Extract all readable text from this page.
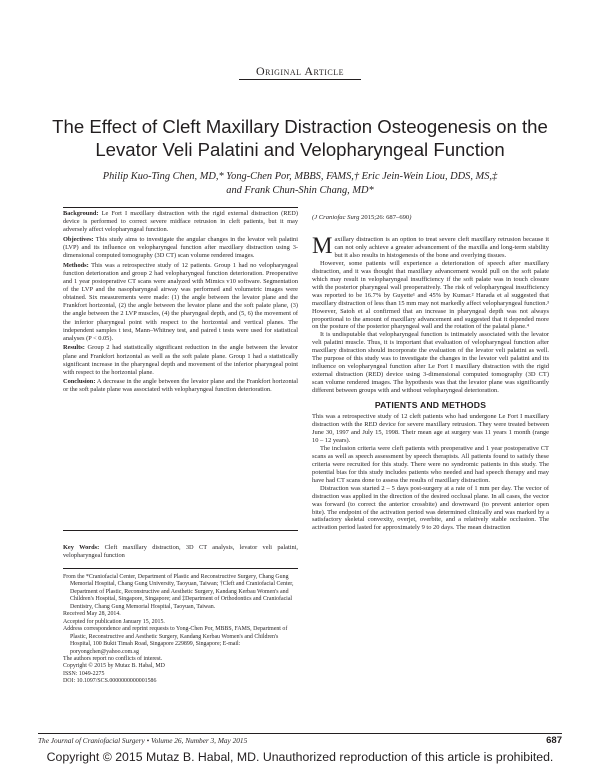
Original Article
The Effect of Cleft Maxillary Distraction Osteogenesis on the Levator Veli Palatini and Velopharyngeal Function
Philip Kuo-Ting Chen, MD,* Yong-Chen Por, MBBS, FAMS,† Eric Jein-Wein Liou, DDS, MS,‡
and Frank Chun-Shin Chang, MD*

Background: Le Fort I maxillary distraction with the rigid external distraction (RED) device is performed to correct severe midface retrusion in cleft patients, but it may adversely affect velopharyngeal function.

Objectives: This study aims to investigate the angular changes in the levator veli palatini (LVP) and its influence on velopharyngeal function after maxillary distraction using 3-dimensional computed tomography (3D CT) scan volume rendered images.

Methods: This was a retrospective study of 12 patients. Group 1 had no velopharyngeal function deterioration and group 2 had velopharyngeal function deterioration. Preoperative and 1 year postoperative CT scans were analyzed with Mimics v10 software. Segmentation of the LVP and the nasopharyngeal airway was performed and volumetric images were obtained. Six measurements were made: (1) the angle between the levator plane and the Frankfort horizontal, (2) the angle between the levator plane and the soft palate plane, (3) the angle between the 2 LVP muscles, (4) the pharyngeal depth, and (5, 6) the movement of the inferior pharyngeal point with respect to the horizontal and vertical planes. The independent samples t test, Mann–Whitney test, and paired t tests were used for statistical analyses (P < 0.05).

Results: Group 2 had statistically significant reduction in the angle between the levator plane and Frankfort horizontal as well as the soft palate plane. Group 1 had a statistically significant increase in the pharyngeal depth and movement of the inferior pharyngeal point with respect to the horizontal plane.

Conclusion: A decrease in the angle between the levator plane and the Frankfort horizontal or the soft palate plane was associated with velopharyngeal function deterioration.

Key Words: Cleft maxillary distraction, 3D CT analysis, levator veli palatini, velopharyngeal function

From the *Craniofacial Center, Department of Plastic and Reconstructive Surgery, Chang Gung Memorial Hospital, Chang Gung University, Taoyuan, Taiwan; †Cleft and Craniofacial Center, Department of Plastic, Reconstructive and Aesthetic Surgery, Kandang Kerbau Women's and Children's Hospital, Singapore, Singapore; and ‡Department of Orthodontics and Craniofacial Dentistry, Chang Gung Memorial Hospital, Taoyuan, Taiwan.

Received May 28, 2014.

Accepted for publication January 15, 2015.

Address correspondence and reprint requests to Yong-Chen Por, MBBS, FAMS, Department of Plastic, Reconstructive and Aesthetic Surgery, Kandang Kerbau Women's and Children's Hospital, 100 Bukit Timah Road, Singapore 229899, Singapore; E-mail: poryongchen@yahoo.com.sg

The authors report no conflicts of interest.

Copyright © 2015 by Mutaz B. Habal, MD

ISSN: 1049-2275

DOI: 10.1097/SCS.0000000000001586

(J Craniofac Surg 2015;26: 687–690)

Maxillary distraction is an option to treat severe cleft maxillary retrusion because it can not only achieve a greater advancement of the maxilla and long-term stability but it also results in histogenesis of the bone and overlying tissues.

However, some patients will experience a deterioration of speech after maxillary distraction, and it was thought that maxillary advancement would pull on the soft palate which may result in velopharyngeal insufficiency if the soft palate was in touch closure with the posterior pharyngeal wall preoperatively. The risk of velopharyngeal insufficiency was reported to be 16.7% by Guyette¹ and 45% by Kumar.² Harada et al suggested that maxillary distraction of less than 15 mm may not markedly affect velopharyngeal function.³ However, Satoh et al confirmed that an increase in pharyngeal depth was not always proportional to the amount of maxillary advancement and suggested that it depended more on the posture of the posterior pharyngeal wall and the rotation of the palatal plane.⁴

It is undisputable that velopharyngeal function is intimately associated with the levator veli palatini muscle. Thus, it is important that evaluation of velopharyngeal function after maxillary distraction should incorporate the evaluation of the levator veli palatini as well. The purpose of this study was to investigate the changes in the levator veli palatini and its influence on velopharyngeal function after Le Fort I maxillary distraction with the rigid external distraction (RED) device using 3-dimensional computed tomography (3D CT) scan volume rendered images. The hypothesis was that the levator plane was significantly different between groups with and without velopharyngeal deterioration.

PATIENTS AND METHODS

This was a retrospective study of 12 cleft patients who had undergone Le Fort I maxillary distraction with the RED device for severe maxillary retrusion. They were treated between June 30, 1997 and July 15, 1998. Their mean age at surgery was 11 years 1 month (range 10 – 12 years).

The inclusion criteria were cleft patients with preoperative and 1 year postoperative CT scans as well as speech assessment by speech therapists. All patients found to satisfy these criteria were recruited for this study. There were no syndromic patients in this study. The potential bias for this study includes patients who needed and had speech therapy and may have had CT scans done to assess the results of maxillary distraction.

Distraction was started 2 – 5 days post-surgery at a rate of 1 mm per day. The vector of distraction was applied in the direction of the desired occlusal plane. In all cases, the vector was forward (to correct the anterior crossbite) and downward (to prevent anterior open bite). The endpoint of the activation period was determined clinically and was marked by a satisfactory skeletal convexity, overjet, overbite, and a relatively stable occlusion. The activation period lasted for approximately 9 to 20 days. The mean distraction

The Journal of Craniofacial Surgery • Volume 26, Number 3, May 2015	687
Copyright © 2015 Mutaz B. Habal, MD. Unauthorized reproduction of this article is prohibited.
